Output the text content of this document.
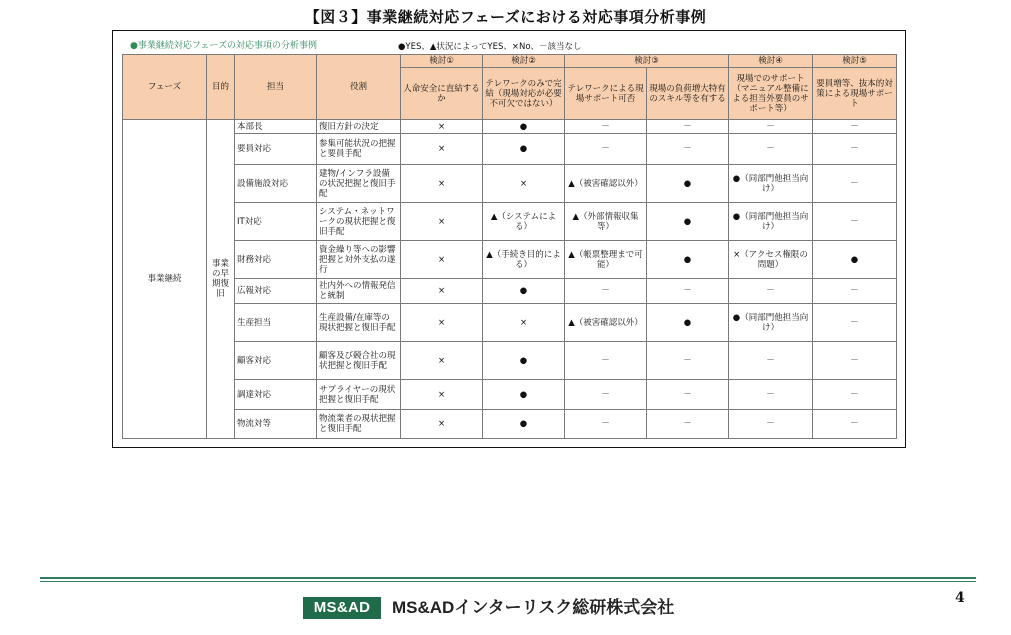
【図３】事業継続対応フェーズにおける対応事項分析事例
●事業継続対応フェーズの対応事項の分析事例	●YES、▲状況によってYES、×No、－該当なし
フェーズ	目的	担当	役割	検討①	検討②	検討③		検討④	検討⑤
				人命安全に直結するか	テレワークのみで完結（現場対応が必要不可欠ではない）	テレワークによる現場サポート可否	現場の負荷増大特有のスキル等を有する	現場でのサポート（マニュアル整備による担当外要員のサポート等）	要員増等、抜本的対策による現場サポート
事業継続	事業の早期復旧	本部長	復旧方針の決定	×	●	－	－	－	－
		要員対応	参集可能状況の把握と要員手配	×	●	－	－	－	－
		設備施設対応	建物/インフラ設備の状況把握と復旧手配	×	×	▲（被害確認以外）	●	●（同部門他担当向け）	－
		IT対応	システム・ネットワークの現状把握と復旧手配	×	▲（システムによる）	▲（外部情報収集等）	●	●（同部門他担当向け）	－
		財務対応	資金繰り等への影響把握と対外支払の遂行	×	▲（手続き目的による）	▲（帳票整理まで可能）	●	×（アクセス権限の問題）	●
		広報対応	社内外への情報発信と統制	×	●	－	－	－	－
		生産担当	生産設備/在庫等の現状把握と復旧手配	×	×	▲（被害確認以外）	●	●（同部門他担当向け）	－
		顧客対応	顧客及び競合社の現状把握と復旧手配	×	●	－	－	－	－
		調達対応	サプライヤーの現状把握と復旧手配	×	●	－	－	－	－
		物流対等	物流業者の現状把握と復旧手配	×	●	－	－	－	－
MS&AD	MS&ADインターリスク総研株式会社	4
